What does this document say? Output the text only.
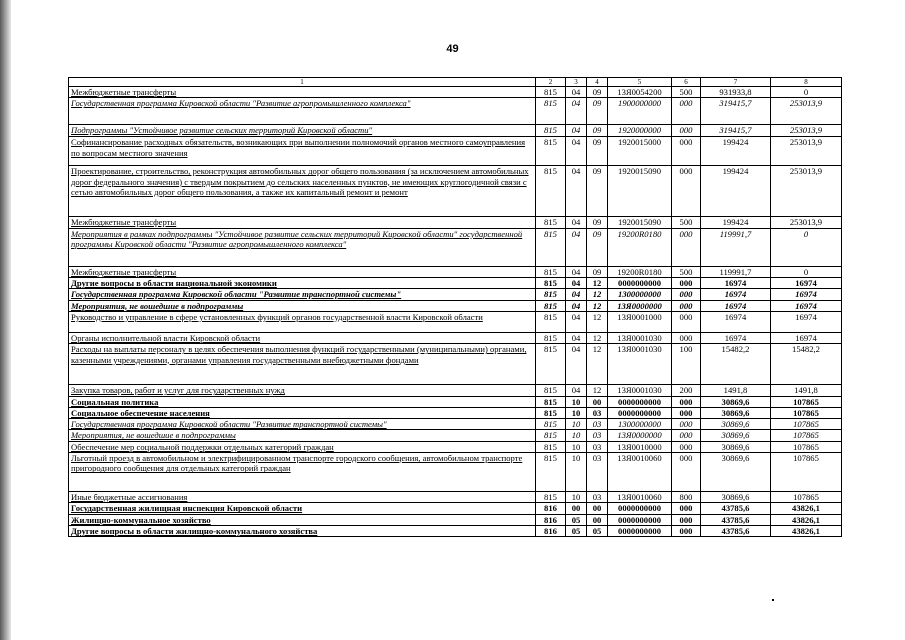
49
1	2	3	4	5	6	7	8
Межбюджетные трансферты	815	04	09	13Я0054200	500	931933,8	0
Государственная программа Кировской области "Развитие агропромышленного комплекса"	815	04	09	1900000000	000	319415,7	253013,9
Подпрограммы "Устойчивое развитие сельских территорий Кировской области"	815	04	09	1920000000	000	319415,7	253013,9
Софинансирование расходных обязательств, возникающих при выполнении полномочий органов местного самоуправления по вопросам местного значения	815	04	09	1920015000	000	199424	253013,9
Проектирование, строительство, реконструкция автомобильных дорог общего пользования (за исключением автомобильных дорог федерального значения) с твердым покрытием до сельских населенных пунктов, не имеющих круглогодичной связи с сетью автомобильных дорог общего пользования, а также их капитальный ремонт и ремонт	815	04	09	1920015090	000	199424	253013,9
Межбюджетные трансферты	815	04	09	1920015090	500	199424	253013,9
Мероприятия в рамках подпрограммы "Устойчивое развитие сельских территорий Кировской области" государственной программы Кировской области "Развитие агропромышленного комплекса"	815	04	09	19200R0180	000	119991,7	0
Межбюджетные трансферты	815	04	09	19200R0180	500	119991,7	0
Другие вопросы в области национальной экономики	815	04	12	0000000000	000	16974	16974
Государственная программа Кировской области "Развитие транспортной системы"	815	04	12	1300000000	000	16974	16974
Мероприятия, не вошедшие в подпрограммы	815	04	12	13Я0000000	000	16974	16974
Руководство и управление в сфере установленных функций органов государственной власти Кировской области	815	04	12	13Я0001000	000	16974	16974
Органы исполнительной власти Кировской области	815	04	12	13Я0001030	000	16974	16974
Расходы на выплаты персоналу в целях обеспечения выполнения функций государственными (муниципальными) органами, казенными учреждениями, органами управления государственными внебюджетными фондами	815	04	12	13Я0001030	100	15482,2	15482,2
Закупка товаров, работ и услуг для государственных нужд	815	04	12	13Я0001030	200	1491,8	1491,8
Социальная политика	815	10	00	0000000000	000	30869,6	107865
Социальное обеспечение населения	815	10	03	0000000000	000	30869,6	107865
Государственная программа Кировской области "Развитие транспортной системы"	815	10	03	1300000000	000	30869,6	107865
Мероприятия, не вошедшие в подпрограммы	815	10	03	13Я0000000	000	30869,6	107865
Обеспечение мер социальной поддержки отдельных категорий граждан	815	10	03	13Я0010000	000	30869,6	107865
Льготный проезд в автомобильном и электрифицированном транспорте городского сообщения, автомобильном транспорте пригородного сообщения для отдельных категорий граждан	815	10	03	13Я0010060	000	30869,6	107865
Иные бюджетные ассигнования	815	10	03	13Я0010060	800	30869,6	107865
Государственная жилищная инспекция Кировской области	816	00	00	0000000000	000	43785,6	43826,1
Жилищно-коммунальное хозяйство	816	05	00	0000000000	000	43785,6	43826,1
Другие вопросы в области жилищно-коммунального хозяйства	816	05	05	0000000000	000	43785,6	43826,1
